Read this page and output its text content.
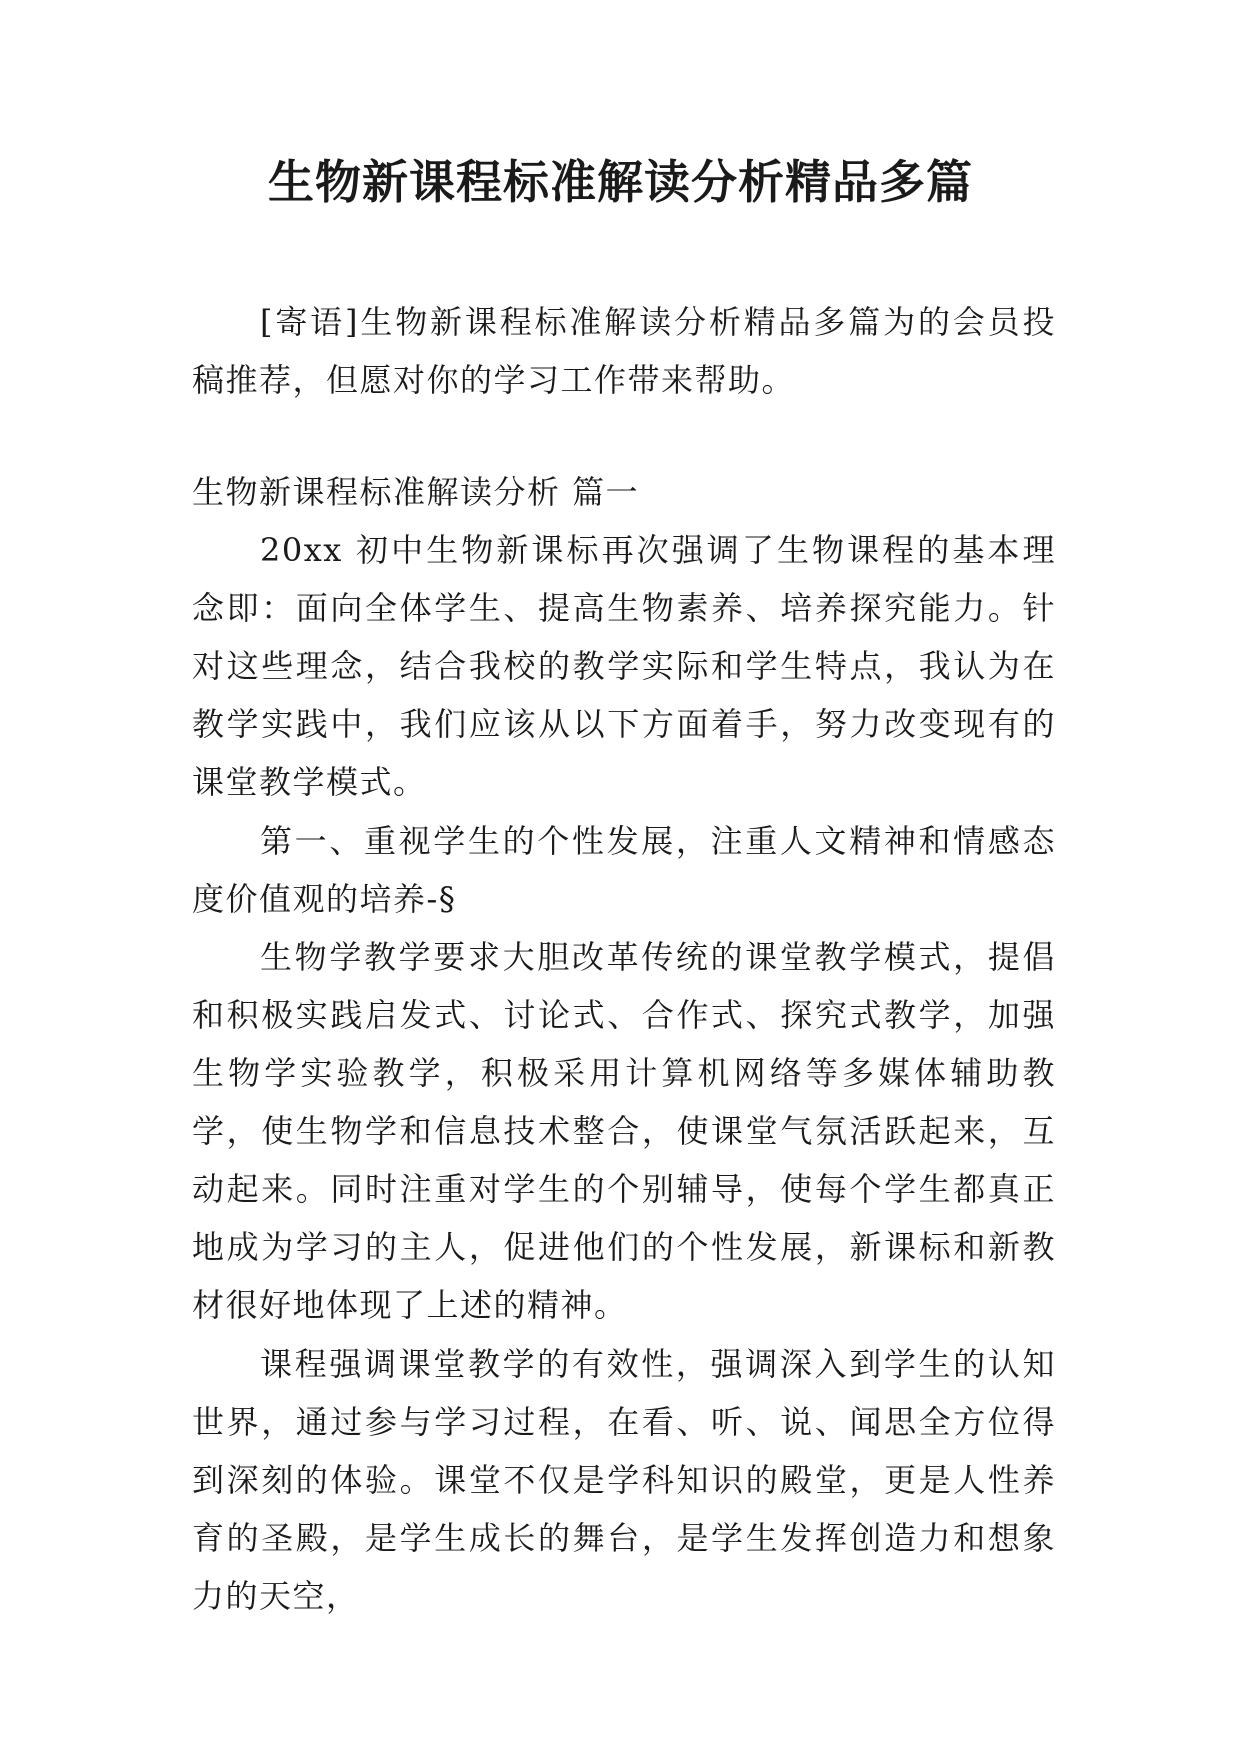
生物新课程标准解读分析精品多篇

[寄语]生物新课程标准解读分析精品多篇为的会员投稿推荐，但愿对你的学习工作带来帮助。

生物新课程标准解读分析 篇一

20xx 初中生物新课标再次强调了生物课程的基本理念即：面向全体学生、提高生物素养、培养探究能力。针对这些理念，结合我校的教学实际和学生特点，我认为在教学实践中，我们应该从以下方面着手，努力改变现有的课堂教学模式。

第一、重视学生的个性发展，注重人文精神和情感态度价值观的培养-§

生物学教学要求大胆改革传统的课堂教学模式，提倡和积极实践启发式、讨论式、合作式、探究式教学，加强生物学实验教学，积极采用计算机网络等多媒体辅助教学，使生物学和信息技术整合，使课堂气氛活跃起来，互动起来。同时注重对学生的个别辅导，使每个学生都真正地成为学习的主人，促进他们的个性发展，新课标和新教材很好地体现了上述的精神。

课程强调课堂教学的有效性，强调深入到学生的认知世界，通过参与学习过程，在看、听、说、闻思全方位得到深刻的体验。课堂不仅是学科知识的殿堂，更是人性养育的圣殿，是学生成长的舞台，是学生发挥创造力和想象力的天空，
